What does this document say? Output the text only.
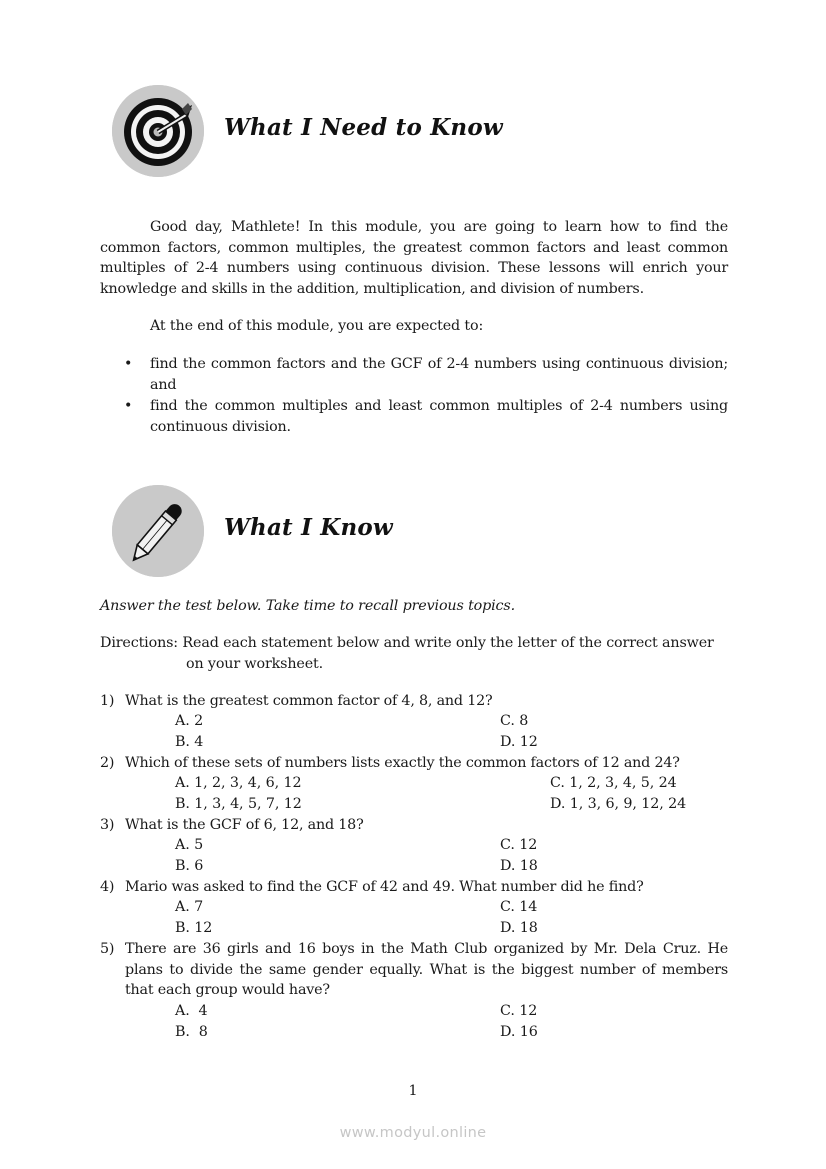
What I Need to Know
Good day, Mathlete! In this module, you are going to learn how to find the common factors, common multiples, the greatest common factors and least common multiples of 2-4 numbers using continuous division. These lessons will enrich your knowledge and skills in the addition, multiplication, and division of numbers.
At the end of this module, you are expected to:
• find the common factors and the GCF of 2-4 numbers using continuous division; and
• find the common multiples and least common multiples of 2-4 numbers using continuous division.
What I Know
Answer the test below. Take time to recall previous topics.
Directions: Read each statement below and write only the letter of the correct answer
on your worksheet.
1) What is the greatest common factor of 4, 8, and 12?
A. 2	C. 8
B. 4	D. 12
2) Which of these sets of numbers lists exactly the common factors of 12 and 24?
A. 1, 2, 3, 4, 6, 12	C. 1, 2, 3, 4, 5, 24
B. 1, 3, 4, 5, 7, 12	D. 1, 3, 6, 9, 12, 24
3) What is the GCF of 6, 12, and 18?
A. 5	C. 12
B. 6	D. 18
4) Mario was asked to find the GCF of 42 and 49. What number did he find?
A. 7	C. 14
B. 12	D. 18
5) There are 36 girls and 16 boys in the Math Club organized by Mr. Dela Cruz. He plans to divide the same gender equally. What is the biggest number of members that each group would have?
A.  4	C. 12
B.  8	D. 16
1
www.modyul.online
